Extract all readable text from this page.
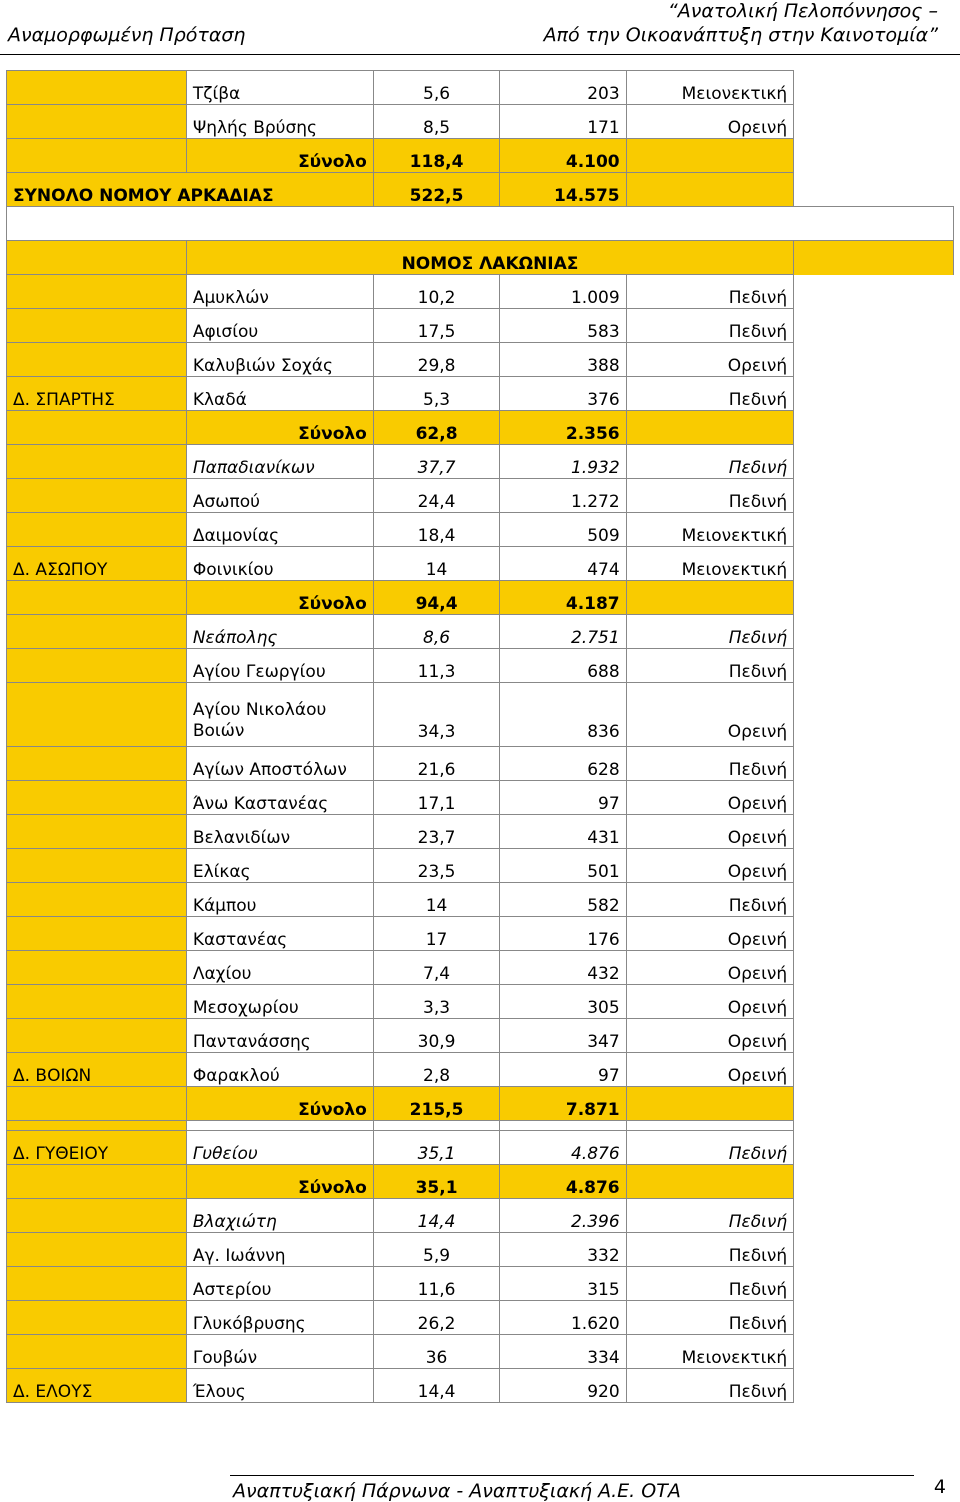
“Ανατολική Πελοπόννησος –
Αναμορφωμένη Πρόταση	Από την Οικοανάπτυξη στην Καινοτομία”
	Τζίβα	5,6	203	Μειονεκτική	
	Ψηλής Βρύσης	8,5	171	Ορεινή	
	Σύνολο	118,4	4.100		
ΣΥΝΟΛΟ ΝΟΜΟΥ ΑΡΚΑΔΙΑΣ		522,5	14.575		

	ΝΟΜΟΣ ΛΑΚΩΝΙΑΣ				
	Αμυκλών	10,2	1.009	Πεδινή	
	Αφισίου	17,5	583	Πεδινή	
	Καλυβιών Σοχάς	29,8	388	Ορεινή	
Δ. ΣΠΑΡΤΗΣ	Κλαδά	5,3	376	Πεδινή	
	Σύνολο	62,8	2.356		
	Παπαδιανίκων	37,7	1.932	Πεδινή	
	Ασωπού	24,4	1.272	Πεδινή	
	Δαιμονίας	18,4	509	Μειονεκτική	
Δ. ΑΣΩΠΟΥ	Φοινικίου	14	474	Μειονεκτική	
	Σύνολο	94,4	4.187		
	Νεάπολης	8,6	2.751	Πεδινή	
	Αγίου Γεωργίου	11,3	688	Πεδινή	
	Αγίου Νικολάου Βοιών	34,3	836	Ορεινή	
	Αγίων Αποστόλων	21,6	628	Πεδινή	
	Άνω Καστανέας	17,1	97	Ορεινή	
	Βελανιδίων	23,7	431	Ορεινή	
	Ελίκας	23,5	501	Ορεινή	
	Κάμπου	14	582	Πεδινή	
	Καστανέας	17	176	Ορεινή	
	Λαχίου	7,4	432	Ορεινή	
	Μεσοχωρίου	3,3	305	Ορεινή	
	Παντανάσσης	30,9	347	Ορεινή	
Δ. ΒΟΙΩΝ	Φαρακλού	2,8	97	Ορεινή	
	Σύνολο	215,5	7.871		

Δ. ΓΥΘΕΙΟΥ	Γυθείου	35,1	4.876	Πεδινή	
	Σύνολο	35,1	4.876		
	Βλαχιώτη	14,4	2.396	Πεδινή	
	Αγ. Ιωάννη	5,9	332	Πεδινή	
	Αστερίου	11,6	315	Πεδινή	
	Γλυκόβρυσης	26,2	1.620	Πεδινή	
	Γουβών	36	334	Μειονεκτική	
Δ. ΕΛΟΥΣ	Έλους	14,4	920	Πεδινή	
Αναπτυξιακή Πάρνωνα - Αναπτυξιακή Α.Ε. ΟΤΑ	4
